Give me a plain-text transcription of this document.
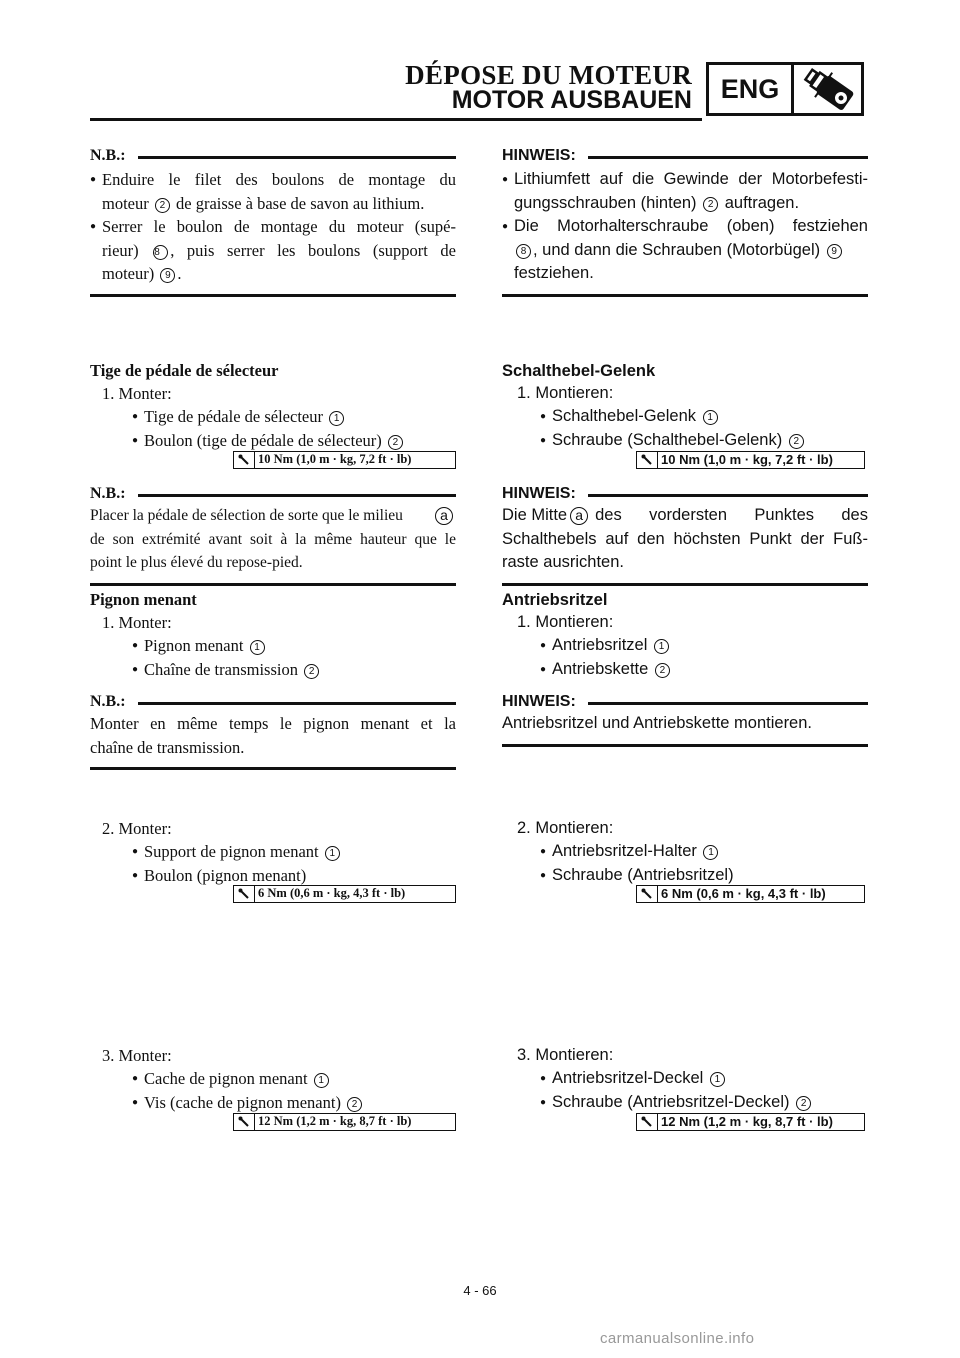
DÉPOSE DU MOTEUR
MOTOR AUSBAUEN	ENG
N.B.:
● Enduire le filet des boulons de montage du
moteur 2 de graisse à base de savon au lithium.
● Serrer le boulon de montage du moteur (supé-
rieur) 8 , puis serrer les boulons (support de
moteur) 9 .
Tige de pédale de sélecteur
1. Monter:
● Tige de pédale de sélecteur 1
● Boulon (tige de pédale de sélecteur) 2
10 Nm (1,0 m · kg, 7,2 ft · lb)
N.B.:
Placer la pédale de sélection de sorte que le milieu	a
de son extrémité avant soit à la même hauteur que le
point le plus élevé du repose-pied.
Pignon menant
1. Monter:
● Pignon menant 1
● Chaîne de transmission 2
N.B.:
Monter en même temps le pignon menant et la
chaîne de transmission.
2. Monter:
● Support de pignon menant 1
● Boulon (pignon menant)
6 Nm (0,6 m · kg, 4,3 ft · lb)
3. Monter:
● Cache de pignon menant 1
● Vis (cache de pignon menant) 2
12 Nm (1,2 m · kg, 8,7 ft · lb)
HINWEIS:
● Lithiumfett auf die Gewinde der Motorbefesti-
gungsschrauben (hinten) 2 auftragen.
● Die Motorhalterschraube (oben) festziehen
8 , und dann die Schrauben (Motorbügel) 9
festziehen.
Schalthebel-Gelenk
1. Montieren:
● Schalthebel-Gelenk 1
● Schraube (Schalthebel-Gelenk) 2
10 Nm (1,0 m · kg, 7,2 ft · lb)
HINWEIS:
Die Mitte a des vordersten Punktes des
Schalthebels auf den höchsten Punkt der Fuß-
raste ausrichten.
Antriebsritzel
1. Montieren:
● Antriebsritzel 1
● Antriebskette 2
HINWEIS:
Antriebsritzel und Antriebskette montieren.
2. Montieren:
● Antriebsritzel-Halter 1
● Schraube (Antriebsritzel)
6 Nm (0,6 m · kg, 4,3 ft · lb)
3. Montieren:
● Antriebsritzel-Deckel 1
● Schraube (Antriebsritzel-Deckel) 2
12 Nm (1,2 m · kg, 8,7 ft · lb)
4 - 66
carmanualsonline.info
